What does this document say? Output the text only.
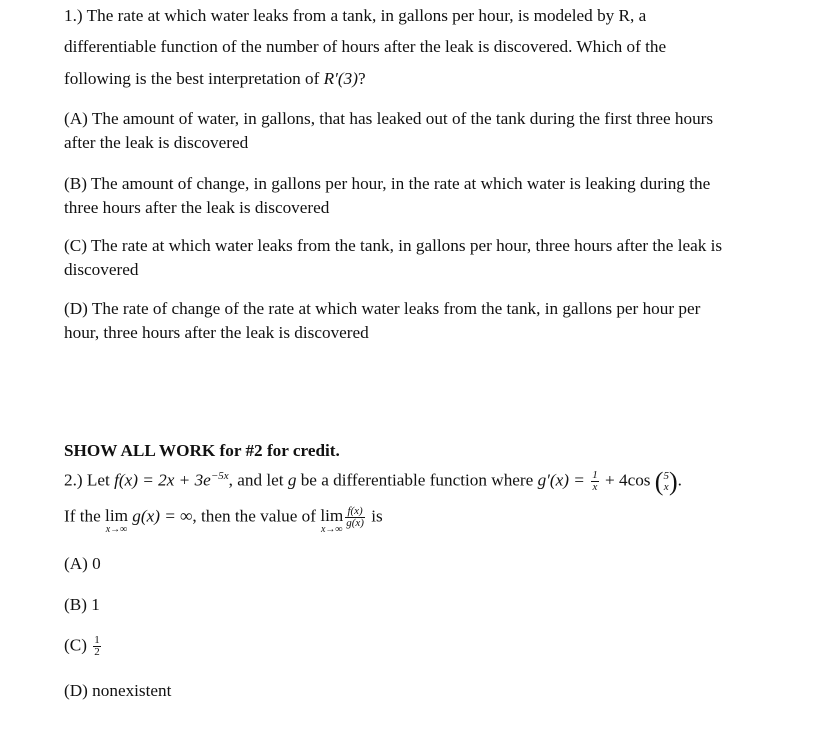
1.) The rate at which water leaks from a tank, in gallons per hour, is modeled by R, a
differentiable function of the number of hours after the leak is discovered. Which of the
following is the best interpretation of R′(3)?
(A) The amount of water, in gallons, that has leaked out of the tank during the first three hours
after the leak is discovered
(B) The amount of change, in gallons per hour, in the rate at which water is leaking during the
three hours after the leak is discovered
(C) The rate at which water leaks from the tank, in gallons per hour, three hours after the leak is
discovered
(D) The rate of change of the rate at which water leaks from the tank, in gallons per hour per
hour, three hours after the leak is discovered
SHOW ALL WORK for #2 for credit.
2.) Let $f(x) = 2x + 3e^{-5x}$, and let g be a differentiable function where $g'(x) = \frac{1}{x} + 4\cos$ ( 5
x ).
If the lim
x→∞
g(x) = ∞, then the value of lim
x→∞
$\frac{f(x)}{g(x)}$ is
(A) 0
(B) 1
$(C) \frac{1}{2}$
(D) nonexistent
